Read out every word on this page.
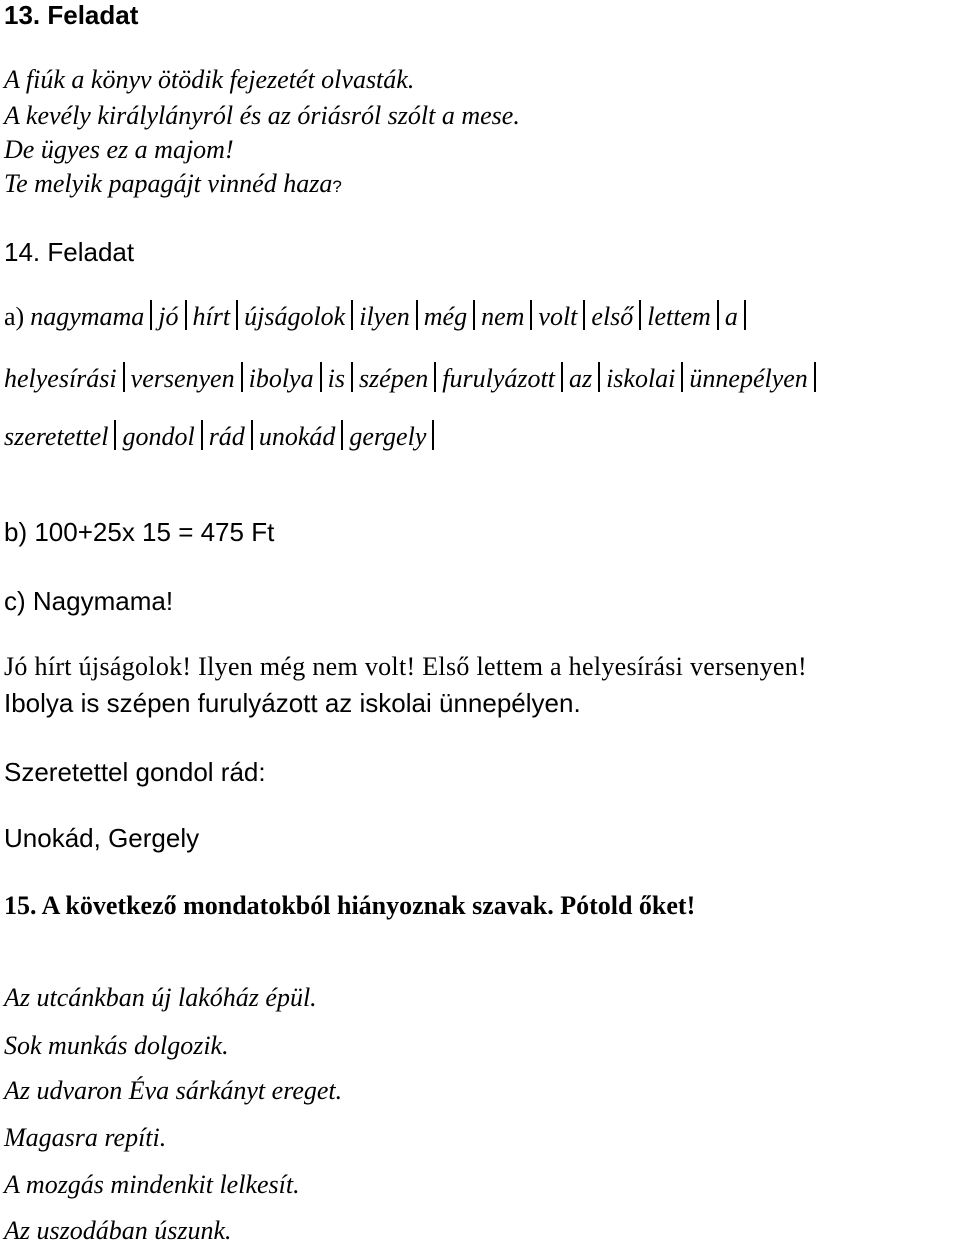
13. Feladat
A fiúk a könyv ötödik fejezetét olvasták.
A kevély királylányról és az óriásról szólt a mese.
De ügyes ez a majom!
Te melyik papagájt vinnéd haza?
14. Feladat
a) nagymama jó hírt újságolok ilyen még nem volt első lettem a
helyesírási versenyen ibolya is szépen furulyázott az iskolai ünnepélyen
szeretettel gondol rád unokád gergely
b) 100+25x 15 = 475 Ft
c) Nagymama!
Jó hírt újságolok! Ilyen még nem volt! Első lettem a helyesírási versenyen!
Ibolya is szépen furulyázott az iskolai ünnepélyen.
Szeretettel gondol rád:
Unokád, Gergely
15. A következő mondatokból hiányoznak szavak. Pótold őket!
Az utcánkban új lakóház épül.
Sok munkás dolgozik.
Az udvaron Éva sárkányt ereget.
Magasra repíti.
A mozgás mindenkit lelkesít.
Az uszodában úszunk.
